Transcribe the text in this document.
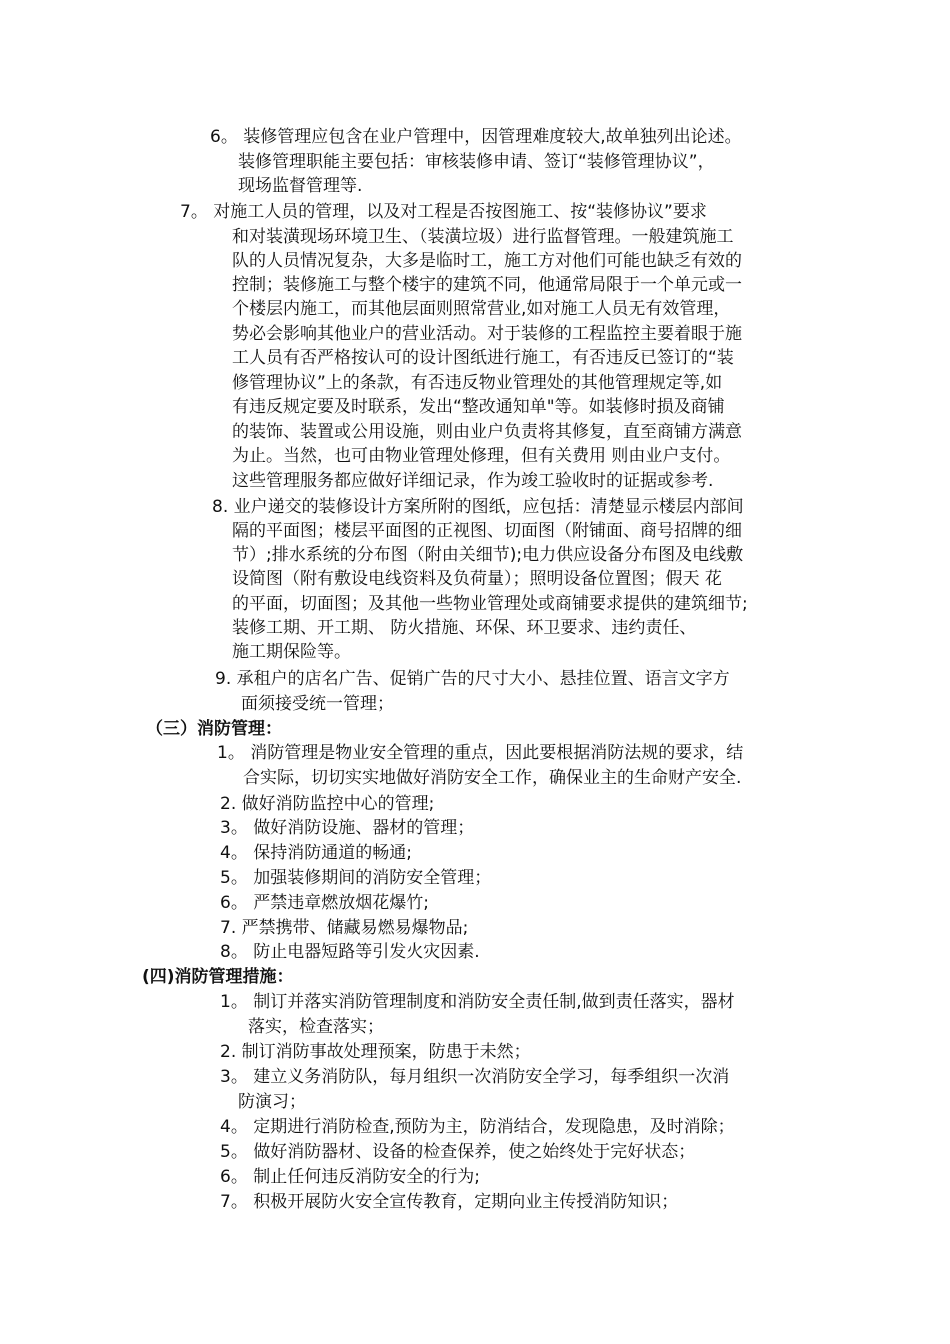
6。 装修管理应包含在业户管理中，因管理难度较大,故单独列出论述。

装修管理职能主要包括：审核装修申请、签订“装修管理协议”，

现场监督管理等.

7。 对施工人员的管理，以及对工程是否按图施工、按“装修协议”要求

和对装潢现场环境卫生、（装潢垃圾）进行监督管理。一般建筑施工

队的人员情况复杂，大多是临时工，施工方对他们可能也缺乏有效的

控制；装修施工与整个楼宇的建筑不同，他通常局限于一个单元或一

个楼层内施工，而其他层面则照常营业,如对施工人员无有效管理，

势必会影响其他业户的营业活动。对于装修的工程监控主要着眼于施

工人员有否严格按认可的设计图纸进行施工，有否违反已签订的“装

修管理协议”上的条款，有否违反物业管理处的其他管理规定等,如

有违反规定要及时联系，发出“整改通知单"等。如装修时损及商铺

的装饰、装置或公用设施，则由业户负责将其修复，直至商铺方满意

为止。当然，也可由物业管理处修理，但有关费用 则由业户支付。

这些管理服务都应做好详细记录，作为竣工验收时的证据或参考.

8. 业户递交的装修设计方案所附的图纸，应包括：清楚显示楼层内部间

隔的平面图；楼层平面图的正视图、切面图（附铺面、商号招牌的细

节）;排水系统的分布图（附由关细节);电力供应设备分布图及电线敷

设简图（附有敷设电线资料及负荷量）；照明设备位置图；假天 花

的平面，切面图；及其他一些物业管理处或商铺要求提供的建筑细节;

装修工期、开工期、 防火措施、环保、环卫要求、违约责任、

施工期保险等。

9. 承租户的店名广告、促销广告的尺寸大小、悬挂位置、语言文字方

面须接受统一管理；

（三）消防管理：

1。 消防管理是物业安全管理的重点，因此要根据消防法规的要求，结

合实际，切切实实地做好消防安全工作，确保业主的生命财产安全.

2. 做好消防监控中心的管理;

3。 做好消防设施、器材的管理；

4。 保持消防通道的畅通;

5。 加强装修期间的消防安全管理；

6。 严禁违章燃放烟花爆竹;

7. 严禁携带、储藏易燃易爆物品;

8。 防止电器短路等引发火灾因素.

(四)消防管理措施：

1。 制订并落实消防管理制度和消防安全责任制,做到责任落实，器材

落实，检查落实；

2. 制订消防事故处理预案，防患于未然；

3。 建立义务消防队，每月组织一次消防安全学习，每季组织一次消

防演习；

4。 定期进行消防检查,预防为主，防消结合，发现隐患，及时消除；

5。 做好消防器材、设备的检查保养，使之始终处于完好状态；

6。 制止任何违反消防安全的行为;

7。 积极开展防火安全宣传教育，定期向业主传授消防知识；
